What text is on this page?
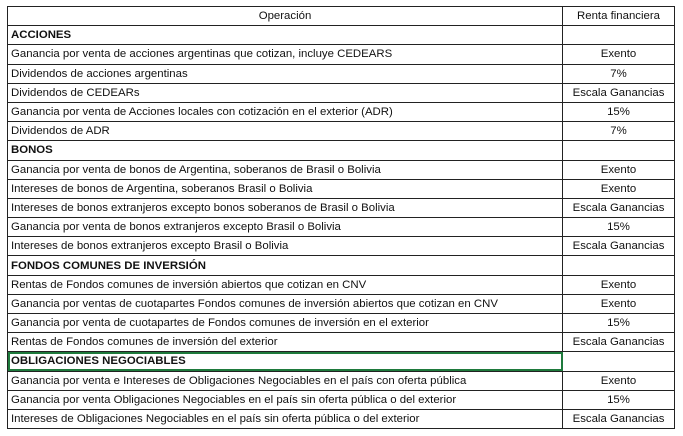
Operación	Renta financiera
ACCIONES	
Ganancia por venta de acciones argentinas que cotizan, incluye CEDEARS	Exento
Dividendos de acciones argentinas	7%
Dividendos de CEDEARs	Escala Ganancias
Ganancia por venta de Acciones locales con cotización en el exterior (ADR)	15%
Dividendos de ADR	7%
BONOS	
Ganancia por venta de bonos de Argentina, soberanos de Brasil o Bolivia	Exento
Intereses de bonos de Argentina, soberanos Brasil o Bolivia	Exento
Intereses de bonos extranjeros excepto bonos soberanos de Brasil o Bolivia	Escala Ganancias
Ganancia por venta de bonos extranjeros excepto Brasil o Bolivia	15%
Intereses de bonos extranjeros excepto Brasil o Bolivia	Escala Ganancias
FONDOS COMUNES DE INVERSIÓN	
Rentas de Fondos comunes de inversión abiertos que cotizan en CNV	Exento
Ganancia por ventas de cuotapartes Fondos comunes de inversión abiertos que cotizan en CNV	Exento
Ganancia por venta de cuotapartes de Fondos comunes de inversión en el exterior	15%
Rentas de Fondos comunes de inversión del exterior	Escala Ganancias
OBLIGACIONES NEGOCIABLES	
Ganancia por venta e Intereses de Obligaciones Negociables en el país con oferta pública	Exento
Ganancia por venta Obligaciones Negociables en el país sin oferta pública o del exterior	15%
Intereses de Obligaciones Negociables en el país sin oferta pública o del exterior	Escala Ganancias
